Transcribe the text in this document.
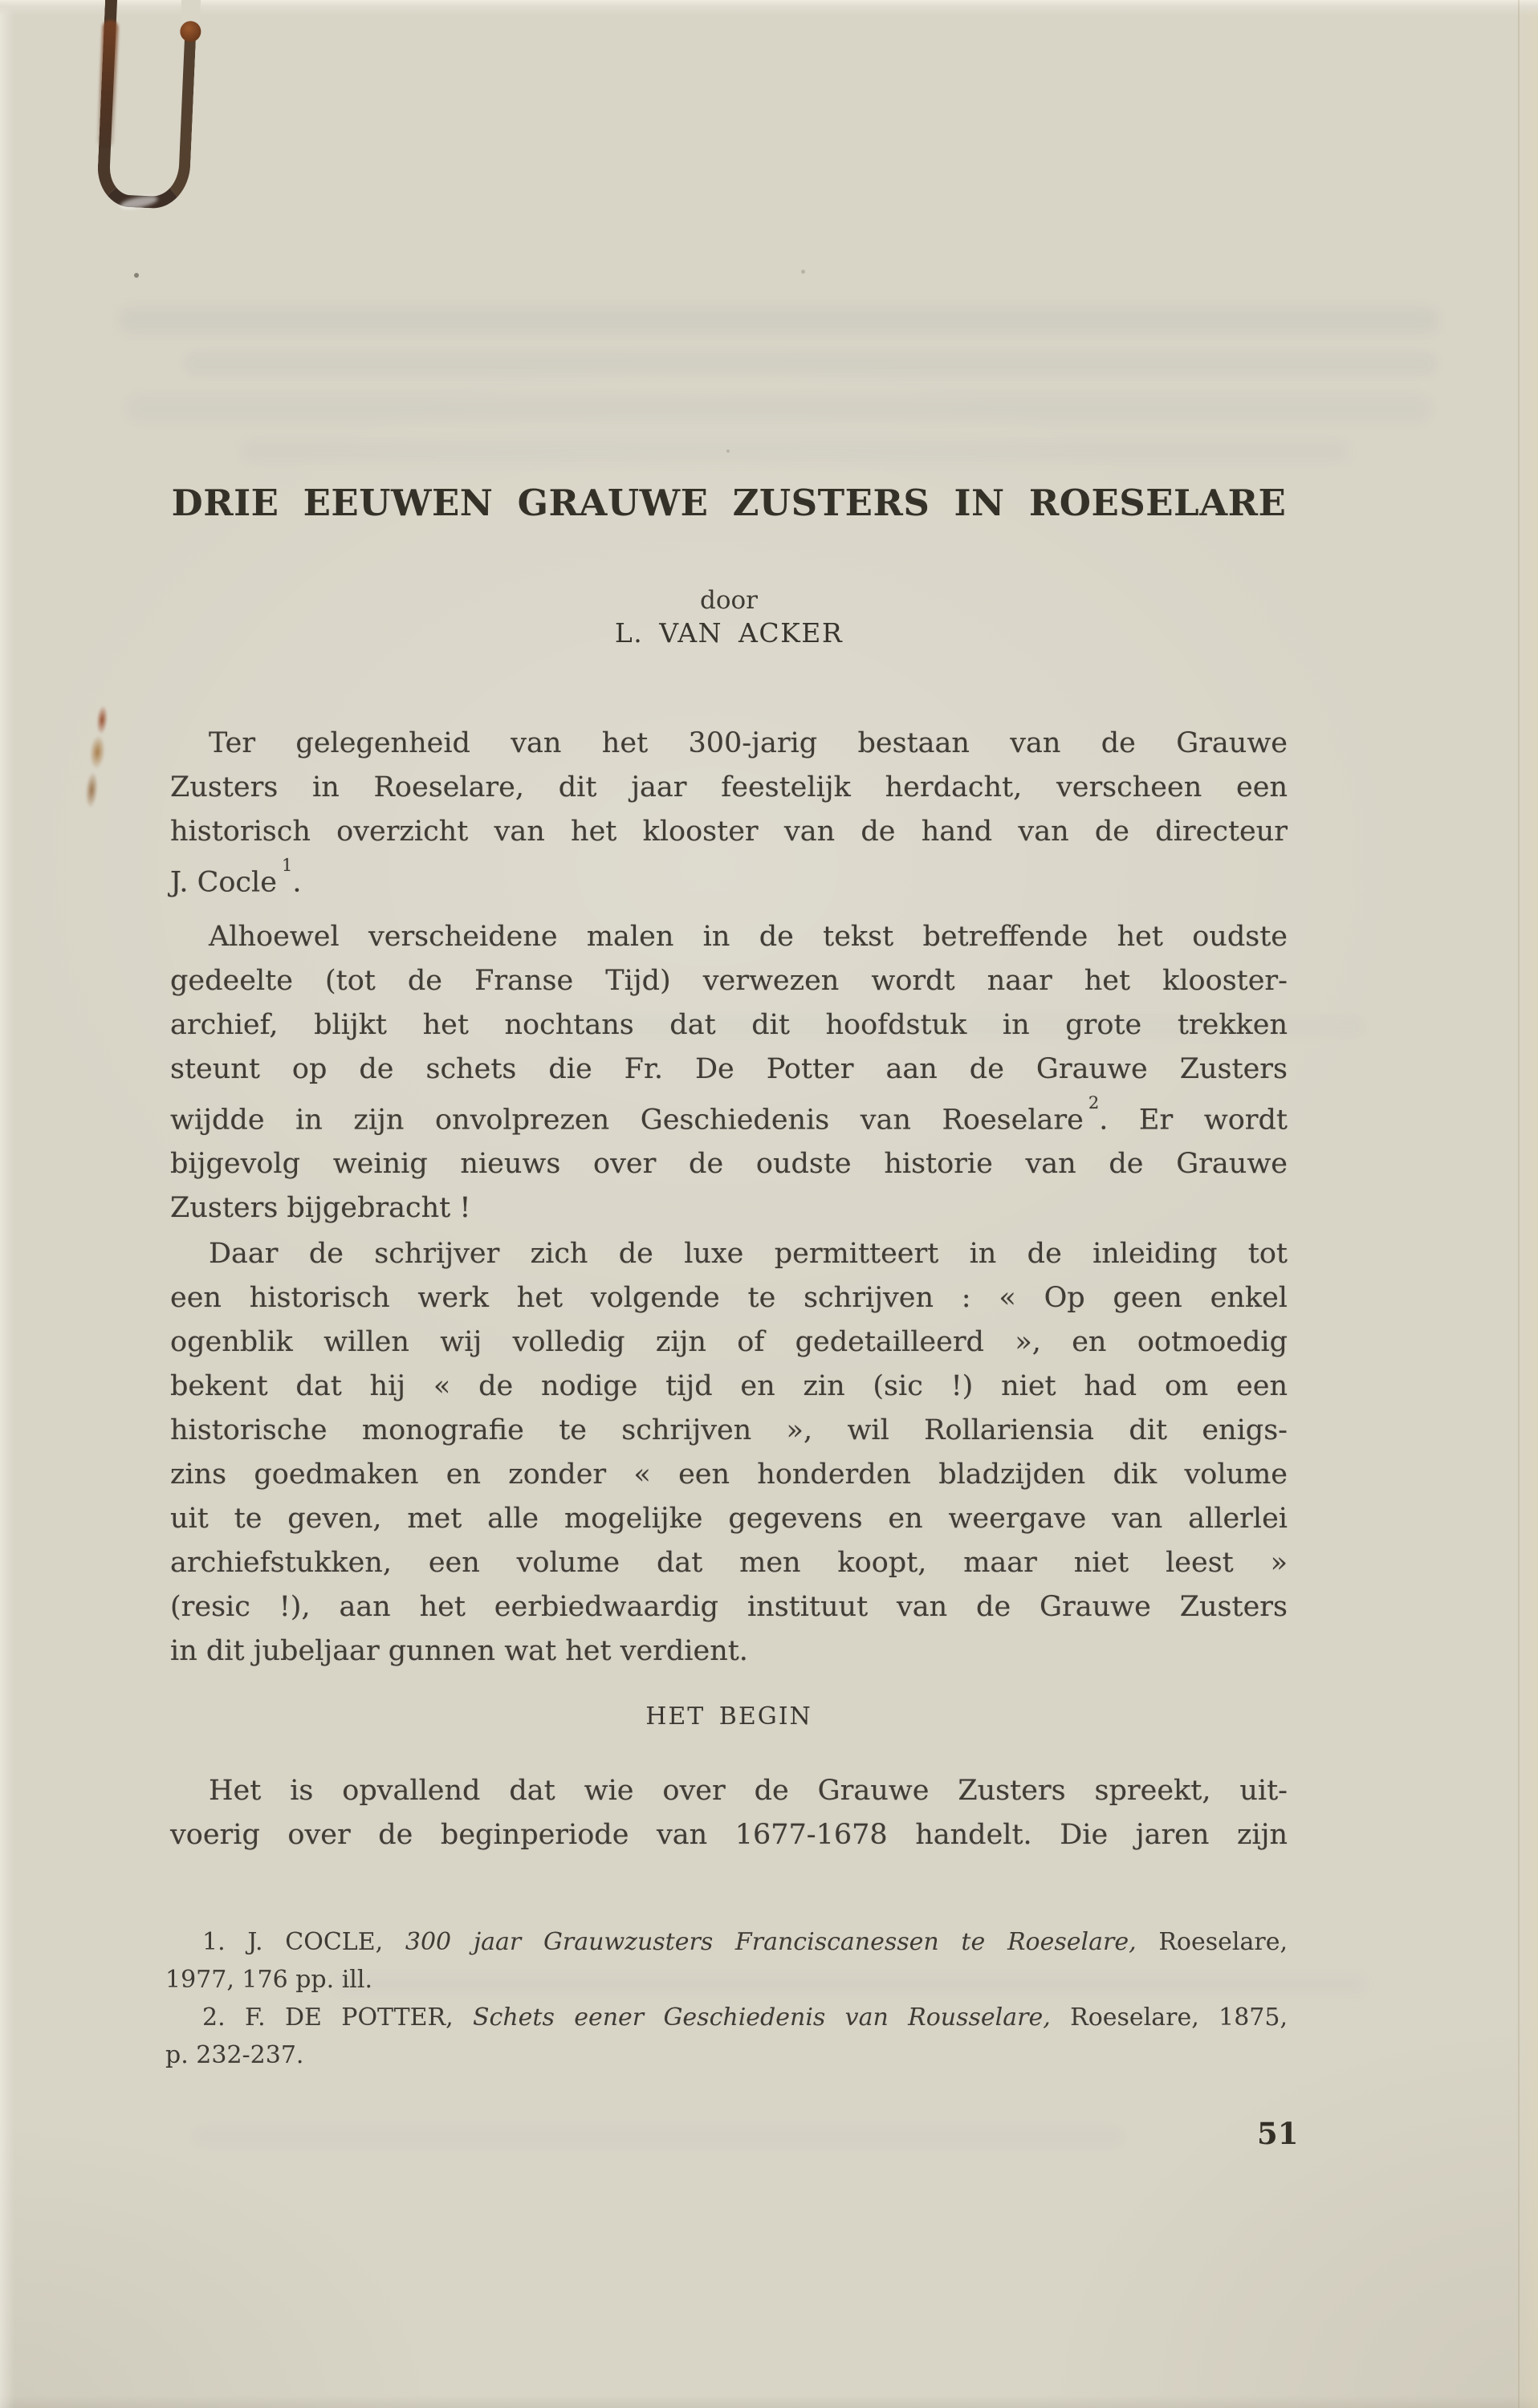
DRIE EEUWEN GRAUWE ZUSTERS IN ROESELARE
door
L. VAN ACKER

Ter gelegenheid van het 300-jarig bestaan van de Grauwe
Zusters in Roeselare, dit jaar feestelijk herdacht, verscheen een
historisch overzicht van het klooster van de hand van de directeur
J. Cocle$^1$.

Alhoewel verscheidene malen in de tekst betreffende het oudste
gedeelte (tot de Franse Tijd) verwezen wordt naar het klooster-
archief, blijkt het nochtans dat dit hoofdstuk in grote trekken
steunt op de schets die Fr. De Potter aan de Grauwe Zusters
wijdde in zijn onvolprezen Geschiedenis van Roeselare$^2$. Er wordt
bijgevolg weinig nieuws over de oudste historie van de Grauwe
Zusters bijgebracht !

Daar de schrijver zich de luxe permitteert in de inleiding tot
een historisch werk het volgende te schrijven : « Op geen enkel
ogenblik willen wij volledig zijn of gedetailleerd », en ootmoedig
bekent dat hij « de nodige tijd en zin (sic !) niet had om een
historische monografie te schrijven », wil Rollariensia dit enigs-
zins goedmaken en zonder « een honderden bladzijden dik volume
uit te geven, met alle mogelijke gegevens en weergave van allerlei
archiefstukken, een volume dat men koopt, maar niet leest »
(resic !), aan het eerbiedwaardig instituut van de Grauwe Zusters
in dit jubeljaar gunnen wat het verdient.

HET BEGIN
Het is opvallend dat wie over de Grauwe Zusters spreekt, uit-
voerig over de beginperiode van 1677-1678 handelt. Die jaren zijn
1. J. COCLE, 300 jaar Grauwzusters Franciscanessen te Roeselare, Roeselare,
1977, 176 pp. ill.
2. F. DE POTTER, Schets eener Geschiedenis van Rousselare, Roeselare, 1875,
p. 232-237.
51
